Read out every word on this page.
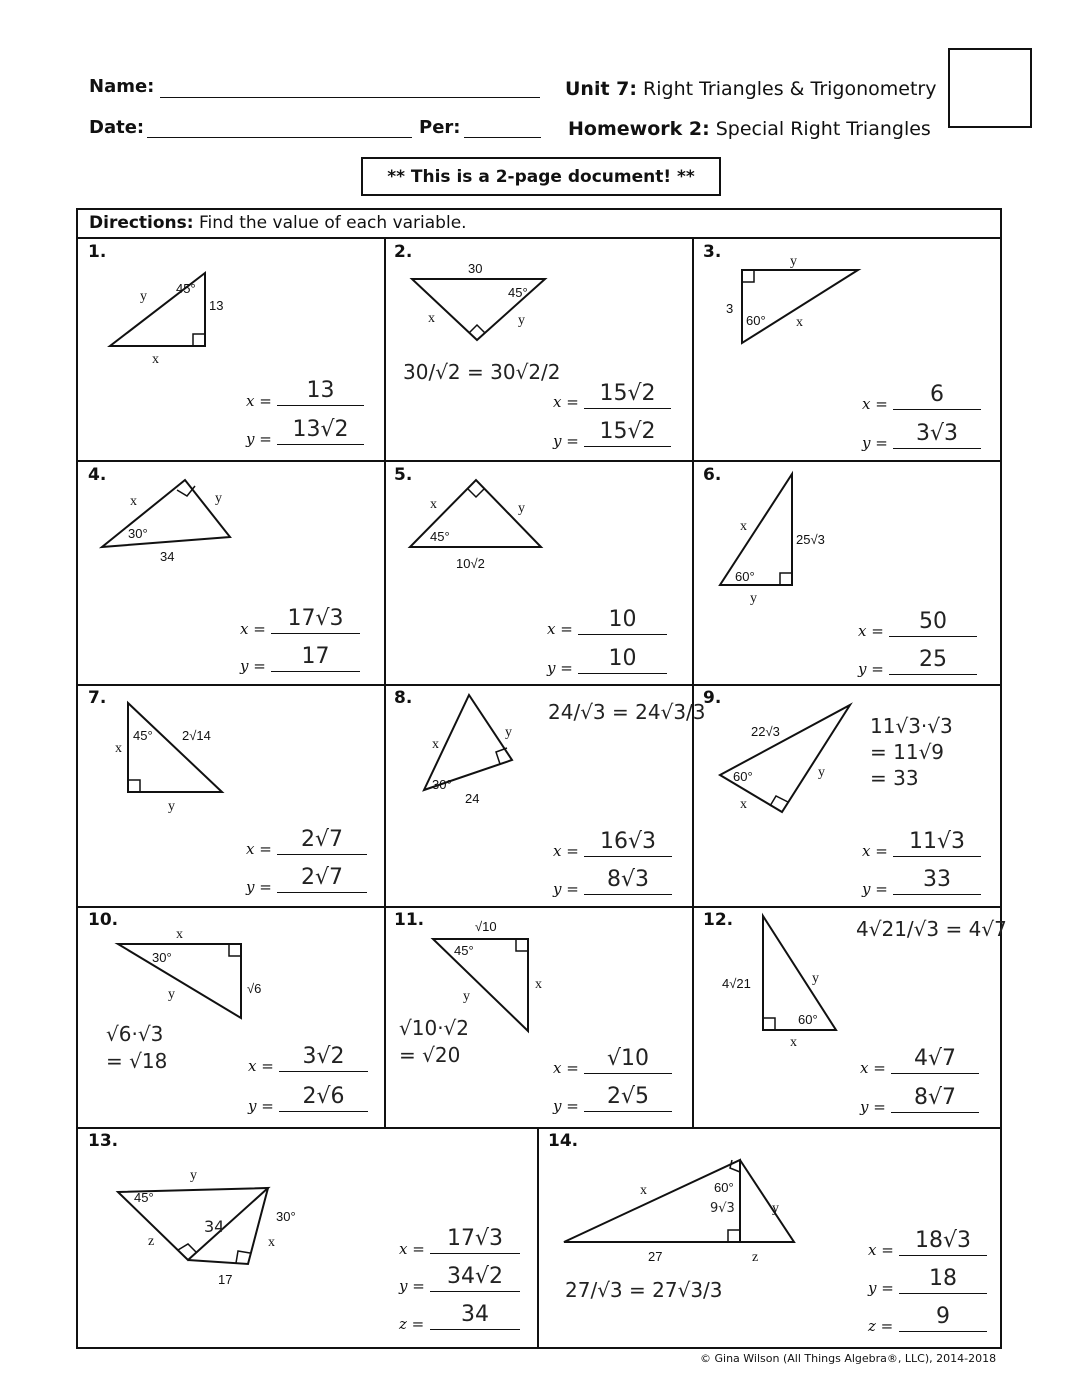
Name:
Date:	Per:
Unit 7: Right Triangles & Trigonometry
Homework 2: Special Right Triangles
** This is a 2-page document! **
Directions: Find the value of each variable.
1.	2.	3.
4.	5.	6.
7.	8.	9.
10.	11.	12.
13.	14.
45°
13
x
y	45°
30
x	y	60°
3
y
x
30°
34
x	y
45°
10√2
x	y
60°
25√3
x
y
45° 2√14
x
y
30°
24
x
y
60°
22√3
x
y
30°
√6
x
y
45°
√10
x
y
60°
4√21
x
y
45°
30°
17
x
y
z
34
60°
27
x
y
z
9√3
30/√2 = 30√2/2
24/√3 = 24√3/3
11√3·√3
= 11√9
= 33
√6·√3
= √18
√10·√2
= √20
4√21/√3 = 4√7
27/√3 = 27√3/3
x =	13
y = 13√2
x = 15√2
y = 15√2
x =	6
y =	3√3
x = 17√3
y =	17
x =	10
y =	10
x =	50
y =	25
x =	2√7
y =	2√7
x = 16√3
y =	8√3
x = 11√3
y =	33
x =	3√2
y =	2√6
x =	√10
y =	2√5
x =	4√7
y =	8√7
x =	17√3
y =	34√2
z =	34
x = 18√3
y =	18
z =	9
© Gina Wilson (All Things Algebra®, LLC), 2014-2018
